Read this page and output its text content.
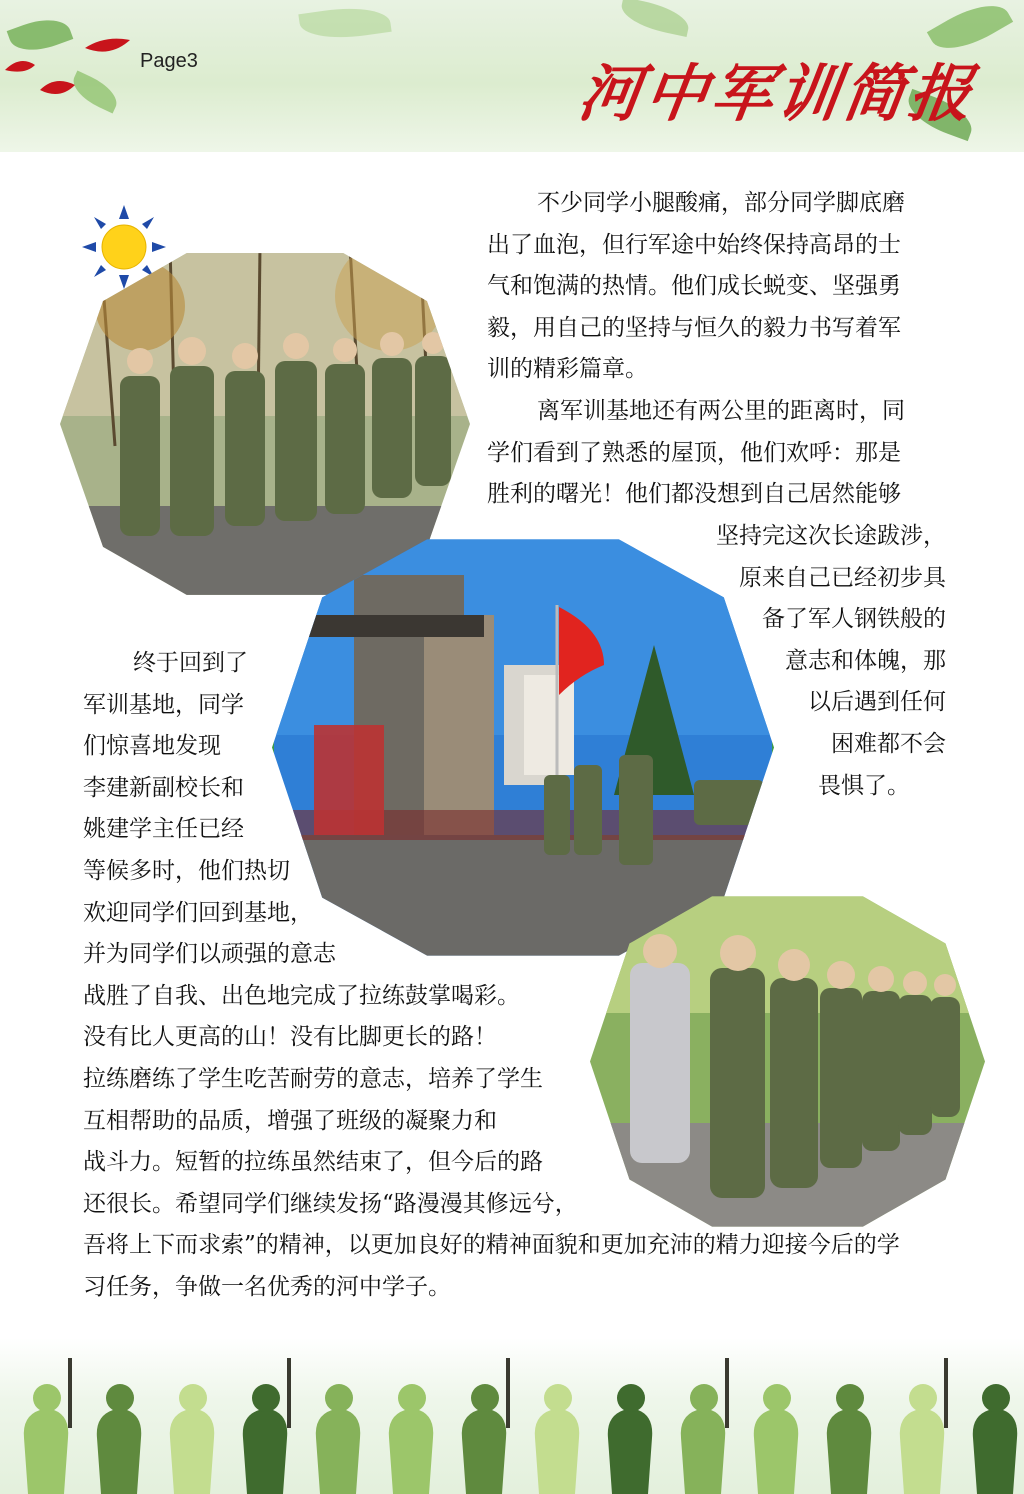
Page3	河中军训简报
不少同学小腿酸痛，部分同学脚底磨
出了血泡，但行军途中始终保持高昂的士
气和饱满的热情。他们成长蜕变、坚强勇
毅，用自己的坚持与恒久的毅力书写着军
训的精彩篇章。
离军训基地还有两公里的距离时，同
学们看到了熟悉的屋顶，他们欢呼：那是
胜利的曙光！他们都没想到自己居然能够
坚持完这次长途跋涉，
原来自己已经初步具
备了军人钢铁般的
意志和体魄，那
以后遇到任何
困难都不会
畏惧了。
终于回到了
军训基地，同学
们惊喜地发现
李建新副校长和
姚建学主任已经
等候多时，他们热切
欢迎同学们回到基地，
并为同学们以顽强的意志
战胜了自我、出色地完成了拉练鼓掌喝彩。
没有比人更高的山！没有比脚更长的路！
拉练磨练了学生吃苦耐劳的意志，培养了学生
互相帮助的品质，增强了班级的凝聚力和
战斗力。短暂的拉练虽然结束了，但今后的路
还很长。希望同学们继续发扬“路漫漫其修远兮，
吾将上下而求索”的精神，以更加良好的精神面貌和更加充沛的精力迎接今后的学
习任务，争做一名优秀的河中学子。
